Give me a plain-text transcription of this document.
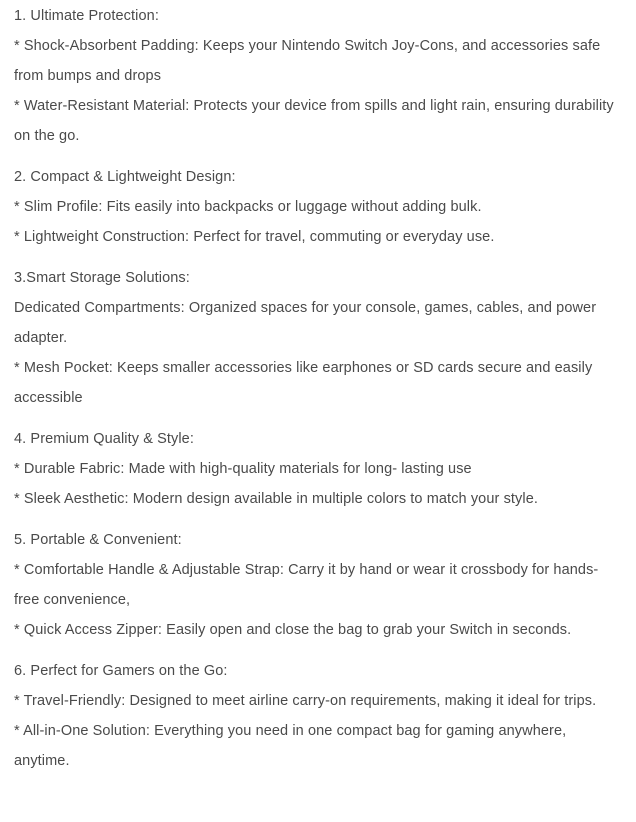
1. Ultimate Protection:

* Shock-Absorbent Padding: Keeps your Nintendo Switch Joy-Cons, and accessories safe from bumps and drops

* Water-Resistant Material: Protects your device from spills and light rain, ensuring durability on the go.

2. Compact & Lightweight Design:

* Slim Profile: Fits easily into backpacks or luggage without adding bulk.

* Lightweight Construction: Perfect for travel, commuting or everyday use.

3.Smart Storage Solutions:

Dedicated Compartments: Organized spaces for your console, games, cables, and power adapter.

* Mesh Pocket: Keeps smaller accessories like earphones or SD cards secure and easily accessible

4. Premium Quality & Style:

* Durable Fabric: Made with high-quality materials for long- lasting use

* Sleek Aesthetic: Modern design available in multiple colors to match your style.

5. Portable & Convenient:

* Comfortable Handle & Adjustable Strap: Carry it by hand or wear it crossbody for hands-free convenience,

* Quick Access Zipper: Easily open and close the bag to grab your Switch in seconds.

6. Perfect for Gamers on the Go:

* Travel-Friendly: Designed to meet airline carry-on requirements, making it ideal for trips.

* All-in-One Solution: Everything you need in one compact bag for gaming anywhere, anytime.
